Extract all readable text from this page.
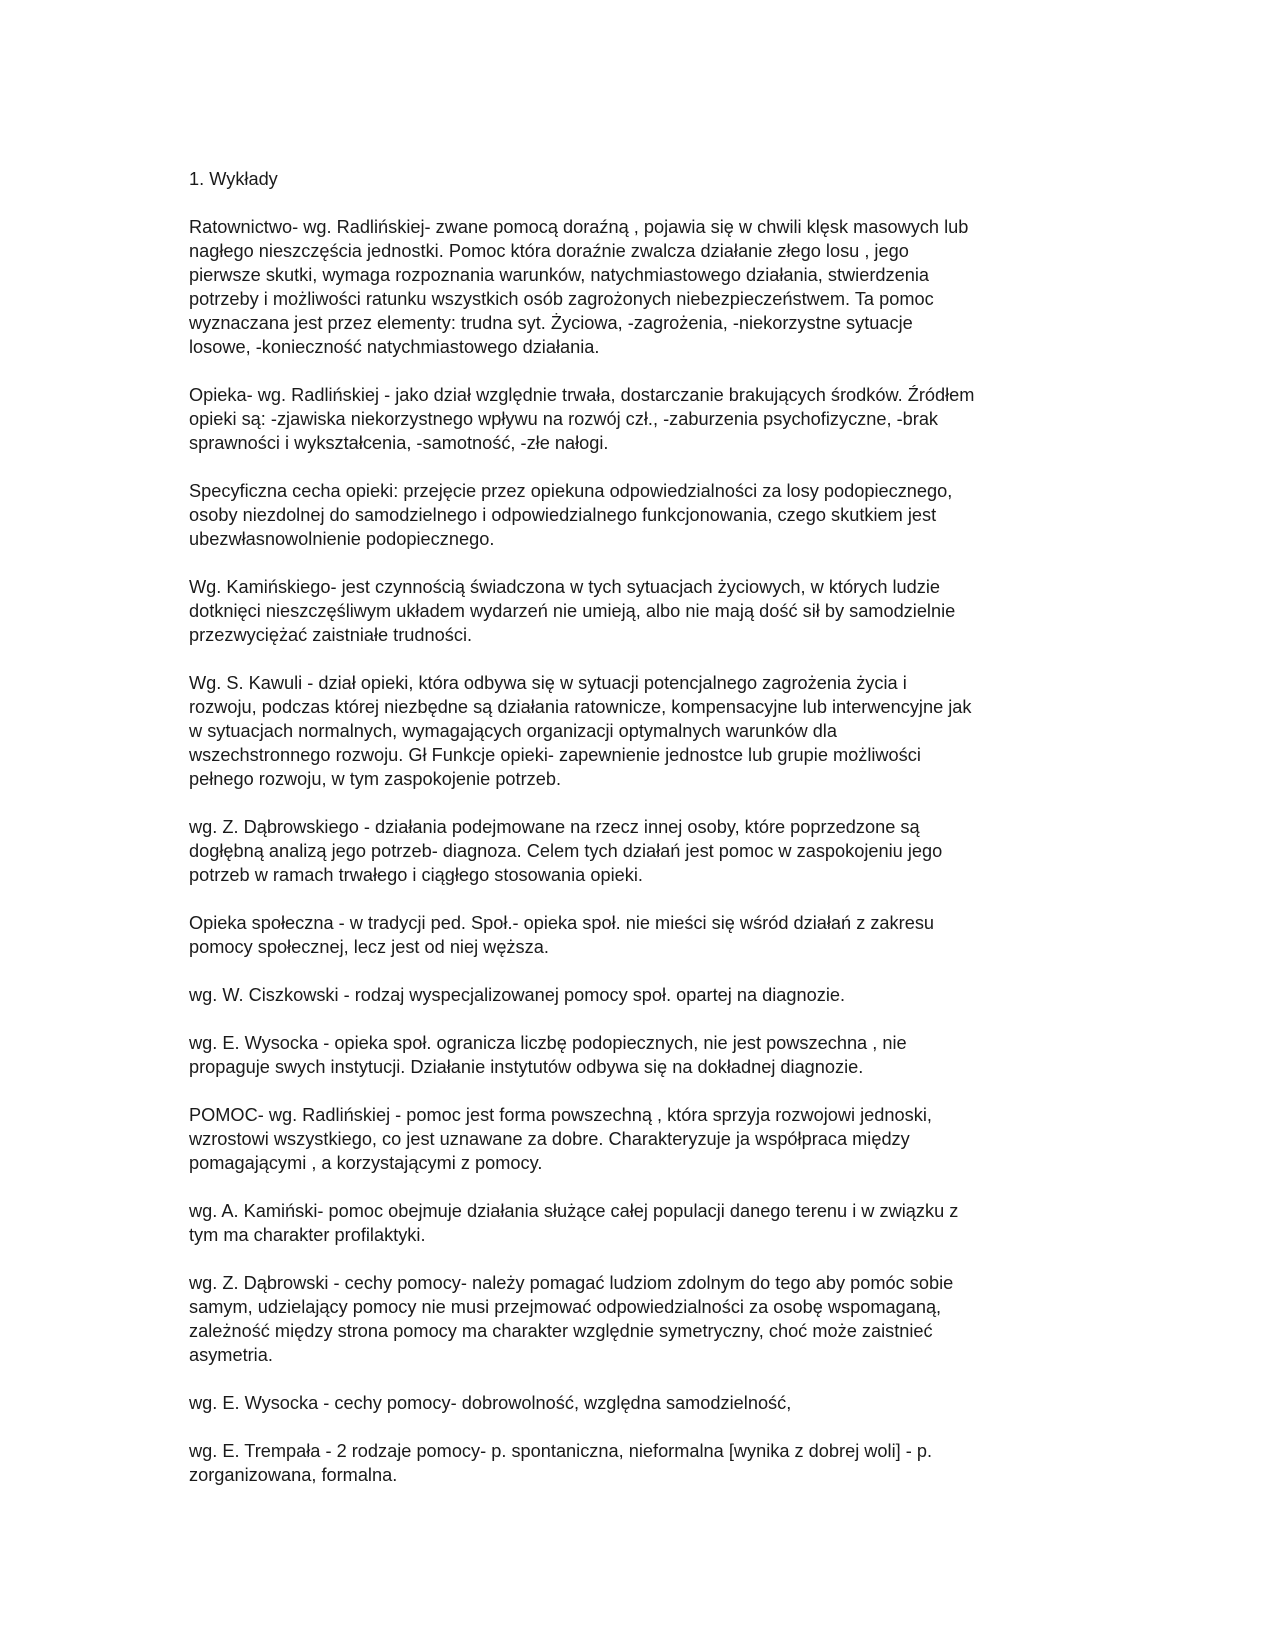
1. Wykłady
Ratownictwo- wg. Radlińskiej- zwane pomocą doraźną , pojawia się w chwili klęsk masowych lub
nagłego nieszczęścia jednostki. Pomoc która doraźnie zwalcza działanie złego losu , jego
pierwsze skutki, wymaga rozpoznania warunków, natychmiastowego działania, stwierdzenia
potrzeby i możliwości ratunku wszystkich osób zagrożonych niebezpieczeństwem. Ta pomoc
wyznaczana jest przez elementy: trudna syt. Życiowa, -zagrożenia, -niekorzystne sytuacje
losowe, -konieczność natychmiastowego działania.
Opieka- wg. Radlińskiej - jako dział względnie trwała, dostarczanie brakujących środków. Źródłem
opieki są: -zjawiska niekorzystnego wpływu na rozwój czł., -zaburzenia psychofizyczne, -brak
sprawności i wykształcenia, -samotność, -złe nałogi.
Specyficzna cecha opieki: przejęcie przez opiekuna odpowiedzialności za losy podopiecznego,
osoby niezdolnej do samodzielnego i odpowiedzialnego funkcjonowania, czego skutkiem jest
ubezwłasnowolnienie podopiecznego.
Wg. Kamińskiego- jest czynnością świadczona w tych sytuacjach życiowych, w których ludzie
dotknięci nieszczęśliwym układem wydarzeń nie umieją, albo nie mają dość sił by samodzielnie
przezwyciężać zaistniałe trudności.
Wg. S. Kawuli - dział opieki, która odbywa się w sytuacji potencjalnego zagrożenia życia i
rozwoju, podczas której niezbędne są działania ratownicze, kompensacyjne lub interwencyjne jak
w sytuacjach normalnych, wymagających organizacji optymalnych warunków dla
wszechstronnego rozwoju. Gł Funkcje opieki- zapewnienie jednostce lub grupie możliwości
pełnego rozwoju, w tym zaspokojenie potrzeb.
wg. Z. Dąbrowskiego - działania podejmowane na rzecz innej osoby, które poprzedzone są
dogłębną analizą jego potrzeb- diagnoza. Celem tych działań jest pomoc w zaspokojeniu jego
potrzeb w ramach trwałego i ciągłego stosowania opieki.
Opieka społeczna - w tradycji ped. Społ.- opieka społ. nie mieści się wśród działań z zakresu
pomocy społecznej, lecz jest od niej węższa.
wg. W. Ciszkowski - rodzaj wyspecjalizowanej pomocy społ. opartej na diagnozie.
wg. E. Wysocka - opieka społ. ogranicza liczbę podopiecznych, nie jest powszechna , nie
propaguje swych instytucji. Działanie instytutów odbywa się na dokładnej diagnozie.
POMOC- wg. Radlińskiej - pomoc jest forma powszechną , która sprzyja rozwojowi jednoski,
wzrostowi wszystkiego, co jest uznawane za dobre. Charakteryzuje ja współpraca między
pomagającymi , a korzystającymi z pomocy.
wg. A. Kamiński- pomoc obejmuje działania służące całej populacji danego terenu i w związku z
tym ma charakter profilaktyki.
wg. Z. Dąbrowski - cechy pomocy- należy pomagać ludziom zdolnym do tego aby pomóc sobie
samym, udzielający pomocy nie musi przejmować odpowiedzialności za osobę wspomaganą,
zależność między strona pomocy ma charakter względnie symetryczny, choć może zaistnieć
asymetria.
wg. E. Wysocka - cechy pomocy- dobrowolność, względna samodzielność,
wg. E. Trempała - 2 rodzaje pomocy- p. spontaniczna, nieformalna [wynika z dobrej woli] - p.
zorganizowana, formalna.
